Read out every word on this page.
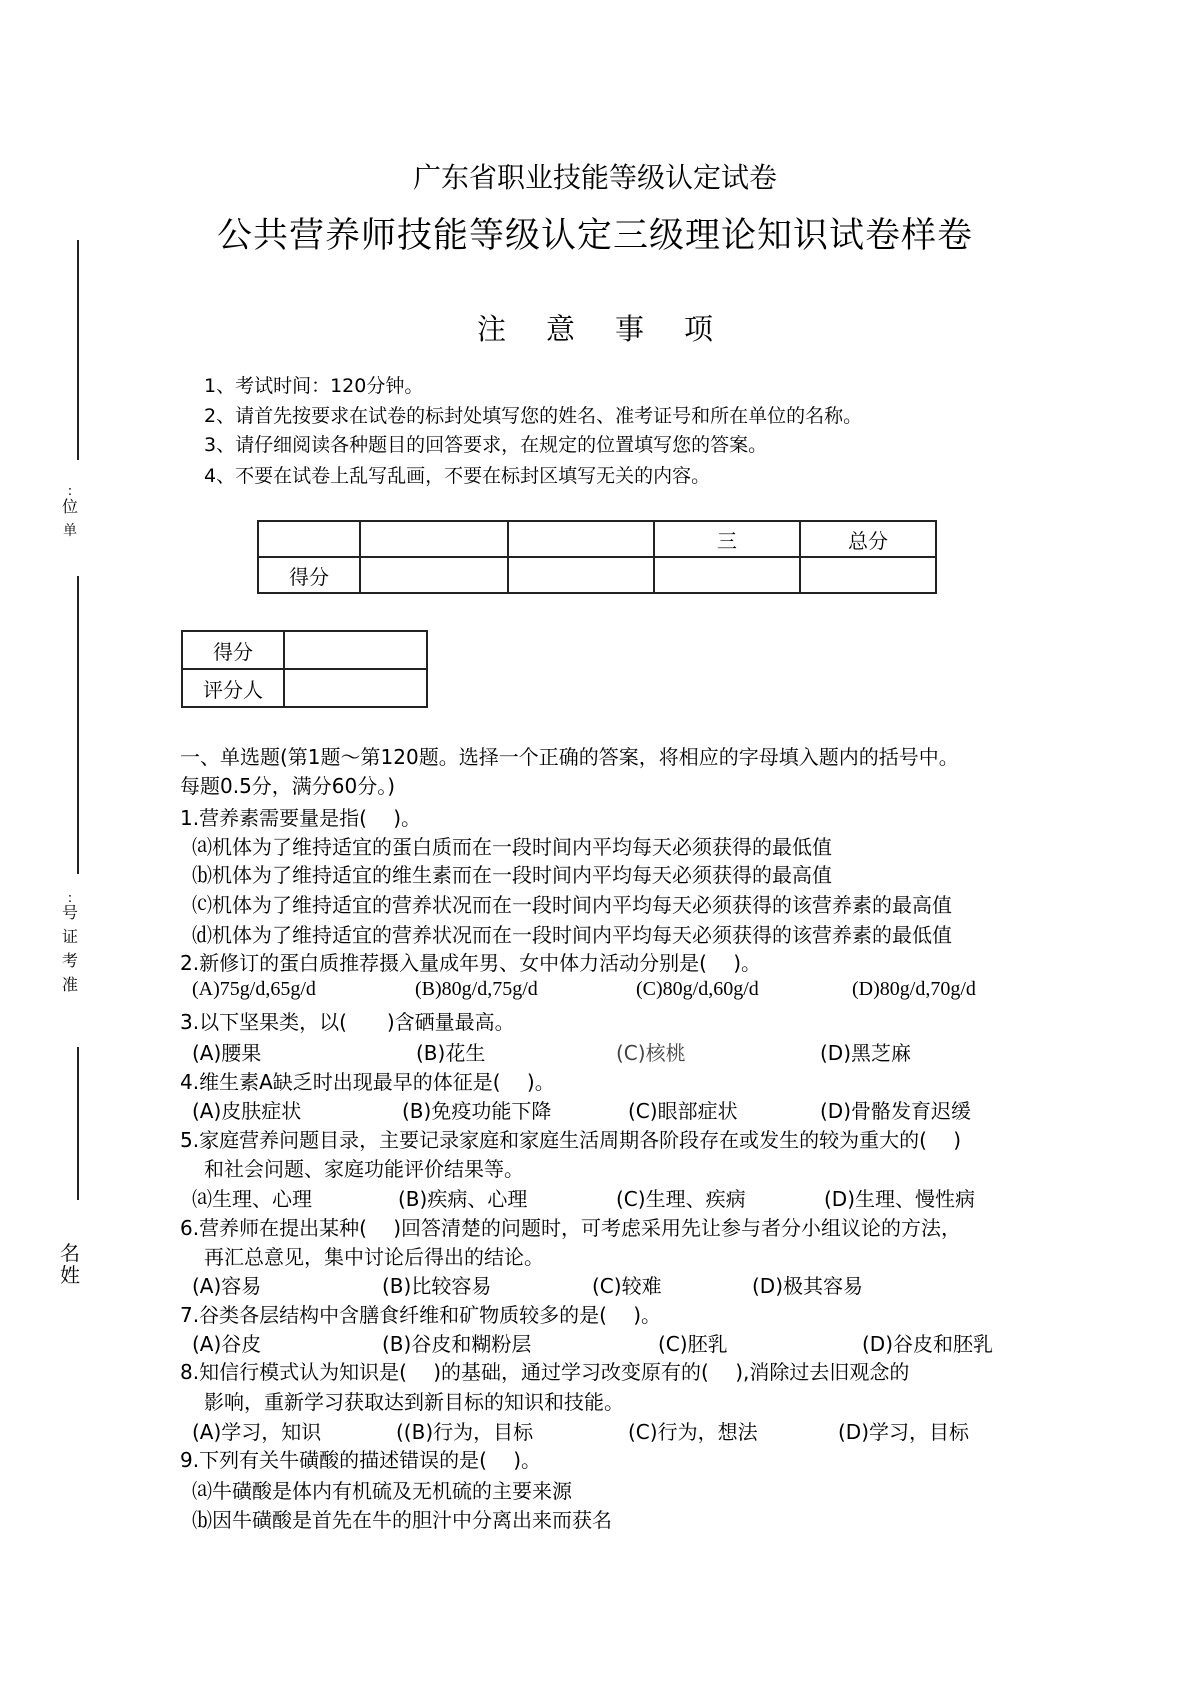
:
位
单
:
号
证
考
准
名
姓
广东省职业技能等级认定试卷
公共营养师技能等级认定三级理论知识试卷样卷
注 意 事 项
1、考试时间：120分钟。
2、请首先按要求在试卷的标封处填写您的姓名、准考证号和所在单位的名称。
3、请仔细阅读各种题目的回答要求，在规定的位置填写您的答案。
4、不要在试卷上乱写乱画，不要在标封区填写无关的内容。
			三	总分
得分				
得分	
评分人	
一、单选题(第1题～第120题。选择一个正确的答案，将相应的字母填入题内的括号中。
每题0.5分，满分60分。)
1.营养素需要量是指(　 )。
⒜机体为了维持适宜的蛋白质而在一段时间内平均每天必须获得的最低值
⒝机体为了维持适宜的维生素而在一段时间内平均每天必须获得的最高值
⒞机体为了维持适宜的营养状况而在一段时间内平均每天必须获得的该营养素的最高值
⒟机体为了维持适宜的营养状况而在一段时间内平均每天必须获得的该营养素的最低值
2.新修订的蛋白质推荐摄入量成年男、女中体力活动分别是(　 )。
(A)75g/d,65g/d	(B)80g/d,75g/d	(C)80g/d,60g/d	(D)80g/d,70g/d
3.以下坚果类，以(　　)含硒量最高。
(A)腰果	(B)花生	(C)核桃	(D)黑芝麻
4.维生素A缺乏时出现最早的体征是(　 )。
(A)皮肤症状	(B)免疫功能下降	(C)眼部症状	(D)骨骼发育迟缓
5.家庭营养问题目录，主要记录家庭和家庭生活周期各阶段存在或发生的较为重大的(　 )
和社会问题、家庭功能评价结果等。
⒜生理、心理	(B)疾病、心理	(C)生理、疾病	(D)生理、慢性病
6.营养师在提出某种(　 )回答清楚的问题时，可考虑采用先让参与者分小组议论的方法，
再汇总意见，集中讨论后得出的结论。
(A)容易	(B)比较容易	(C)较难	(D)极其容易
7.谷类各层结构中含膳食纤维和矿物质较多的是(　 )。
(A)谷皮	(B)谷皮和糊粉层	(C)胚乳	(D)谷皮和胚乳
8.知信行模式认为知识是(　 )的基础，通过学习改变原有的(　 ),消除过去旧观念的
影响，重新学习获取达到新目标的知识和技能。
(A)学习，知识	((B)行为，目标	(C)行为，想法	(D)学习，目标
9.下列有关牛磺酸的描述错误的是(　 )。
⒜牛磺酸是体内有机硫及无机硫的主要来源
⒝因牛磺酸是首先在牛的胆汁中分离出来而获名
